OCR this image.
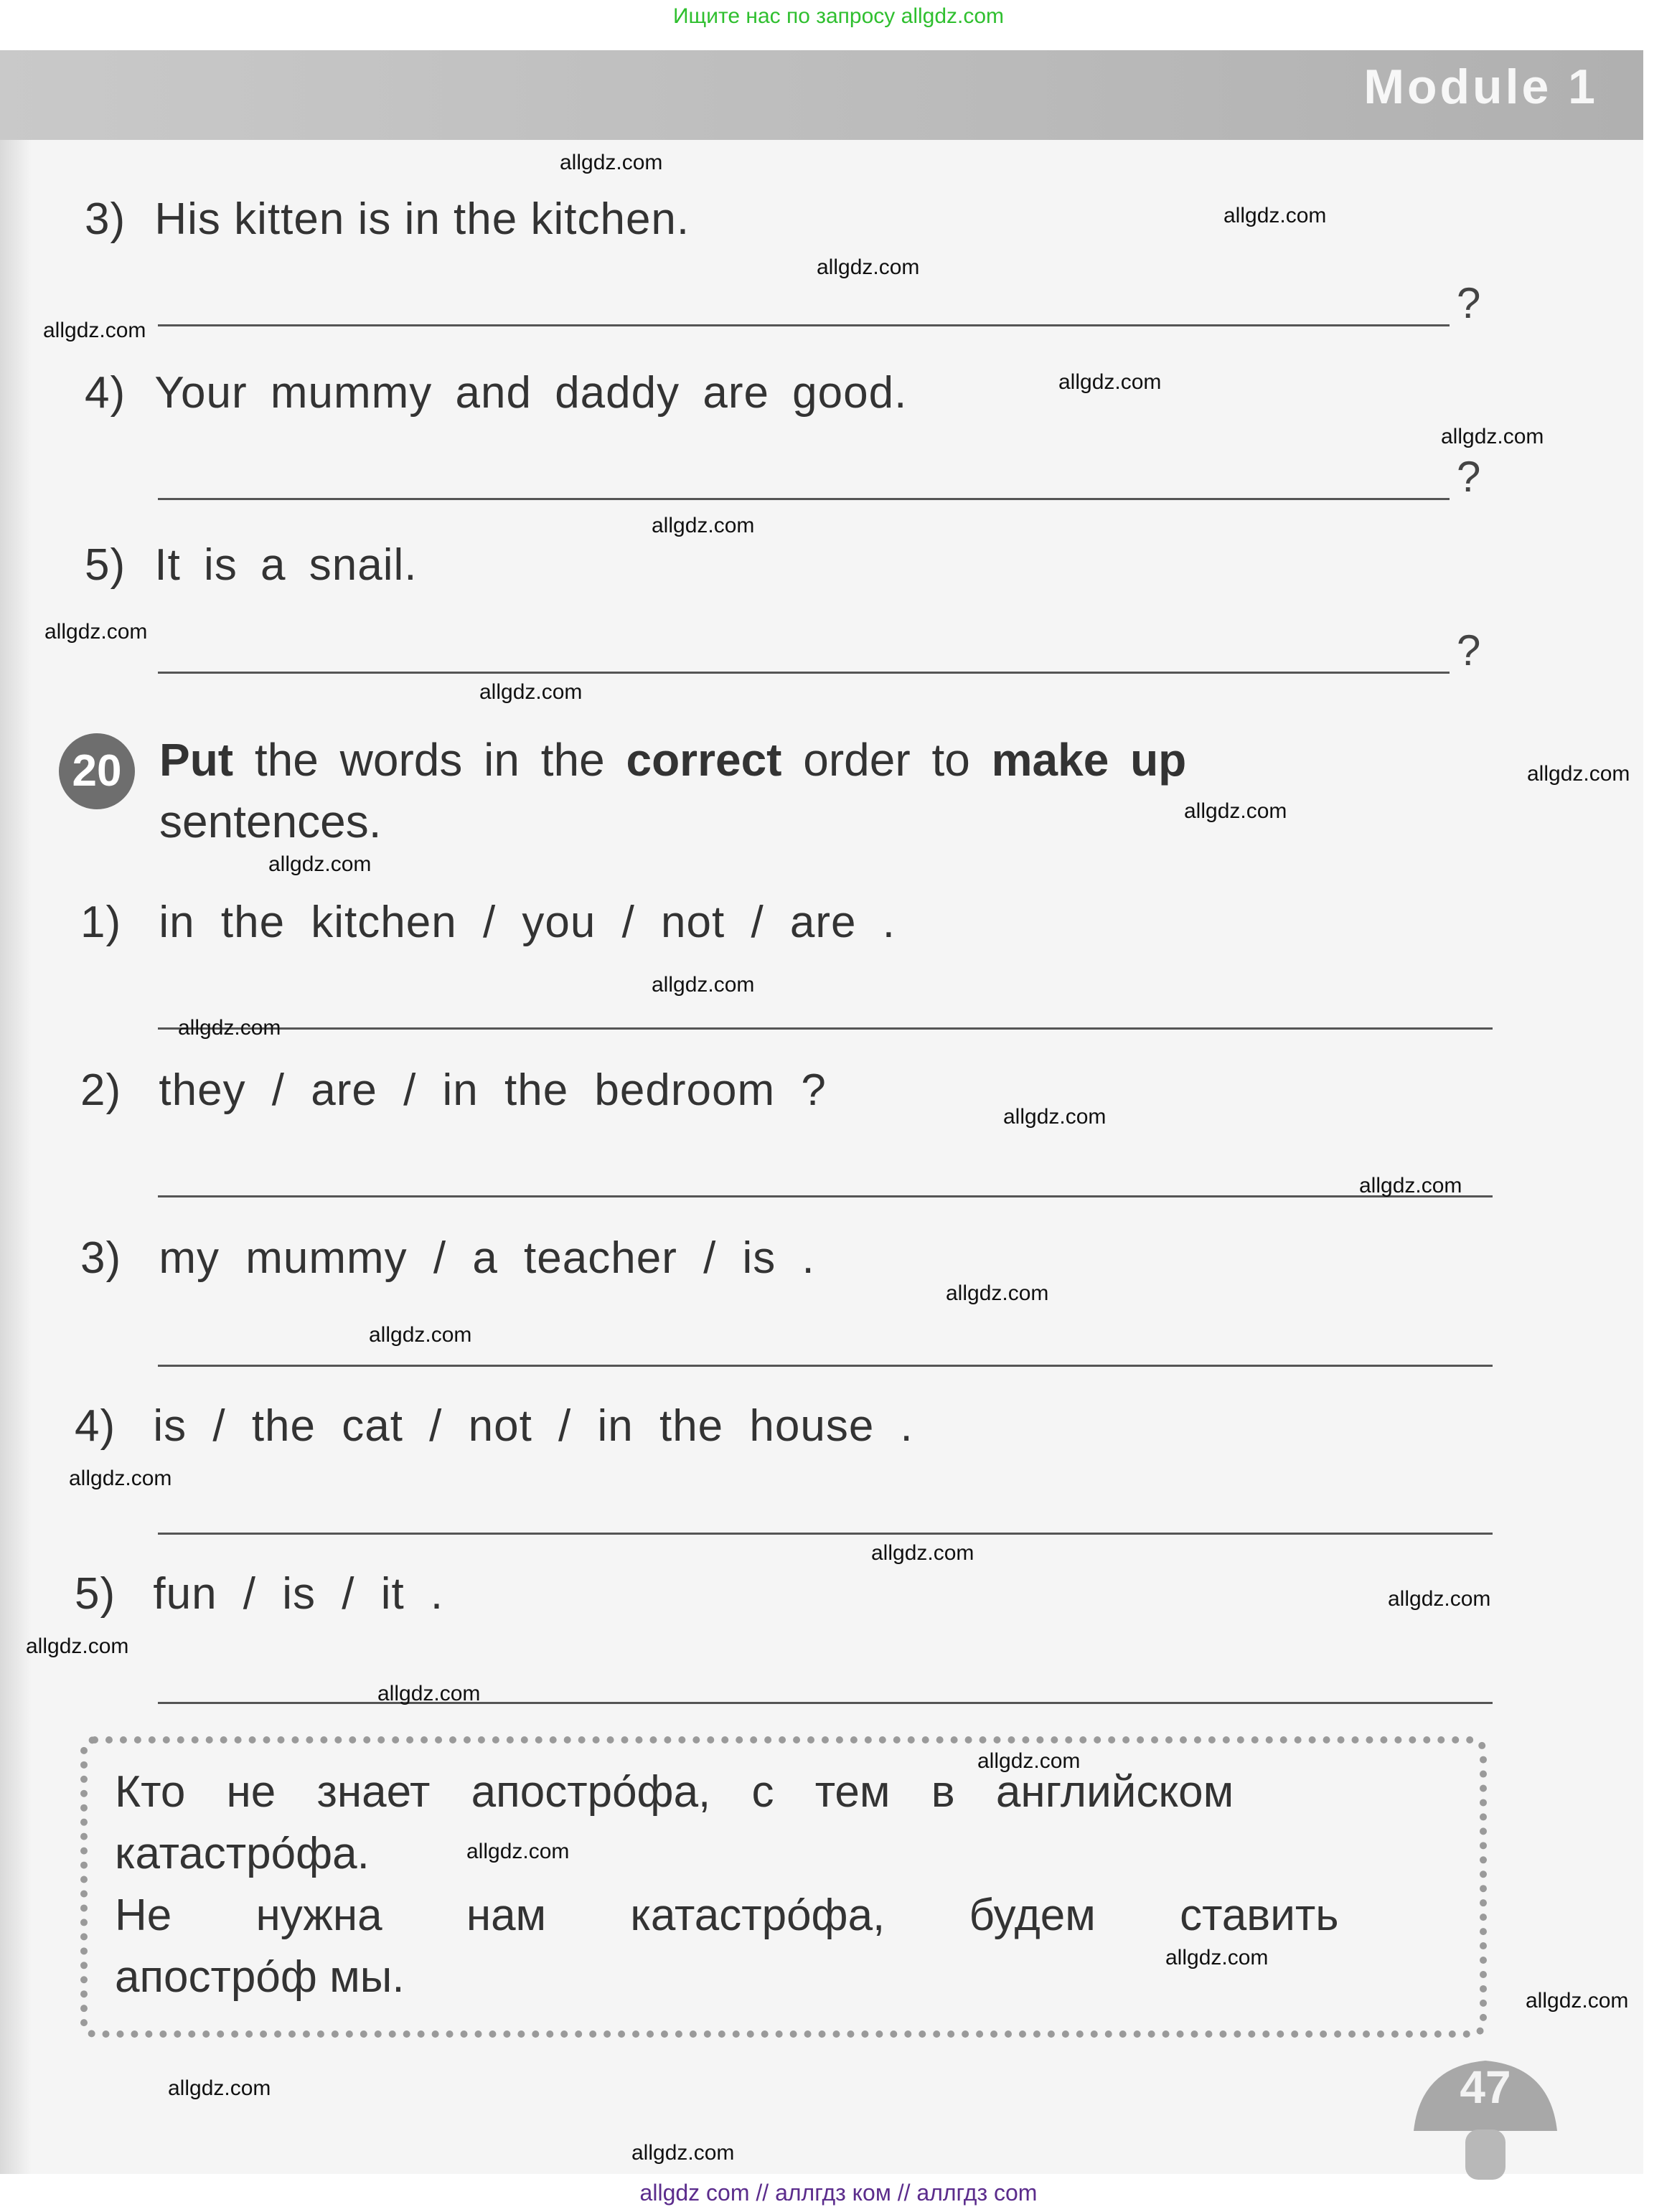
Ищите нас по запросу allgdz.com
Module 1
3) His kitten is in the kitchen.
?
4) Your mummy and daddy are good.
?
5) It is a snail.
?
20 Put the words in the correct order to make up
sentences.
1) in the kitchen / you / not / are .
2) they / are / in the bedroom ?
3) my mummy / a teacher / is .
4) is / the cat / not / in the house .
5) fun / is / it .
Кто не знает апостро́фа, с тем в английском
катастро́фа.
Не нужна нам катастро́фа, будем ставить
апостро́ф мы.
47
allgdz.com
allgdz.com
allgdz.com
allgdz.com
allgdz.com
allgdz.com
allgdz.com
allgdz.com
allgdz.com
allgdz.com
allgdz.com
allgdz.com
allgdz.com
allgdz.com
allgdz.com
allgdz.com
allgdz.com
allgdz.com
allgdz.com
allgdz.com
allgdz.com
allgdz.com
allgdz.com
allgdz.com
allgdz.com
allgdz.com
allgdz.com
allgdz.com
allgdz.com
allgdz com // аллгдз ком // аллгдз com
